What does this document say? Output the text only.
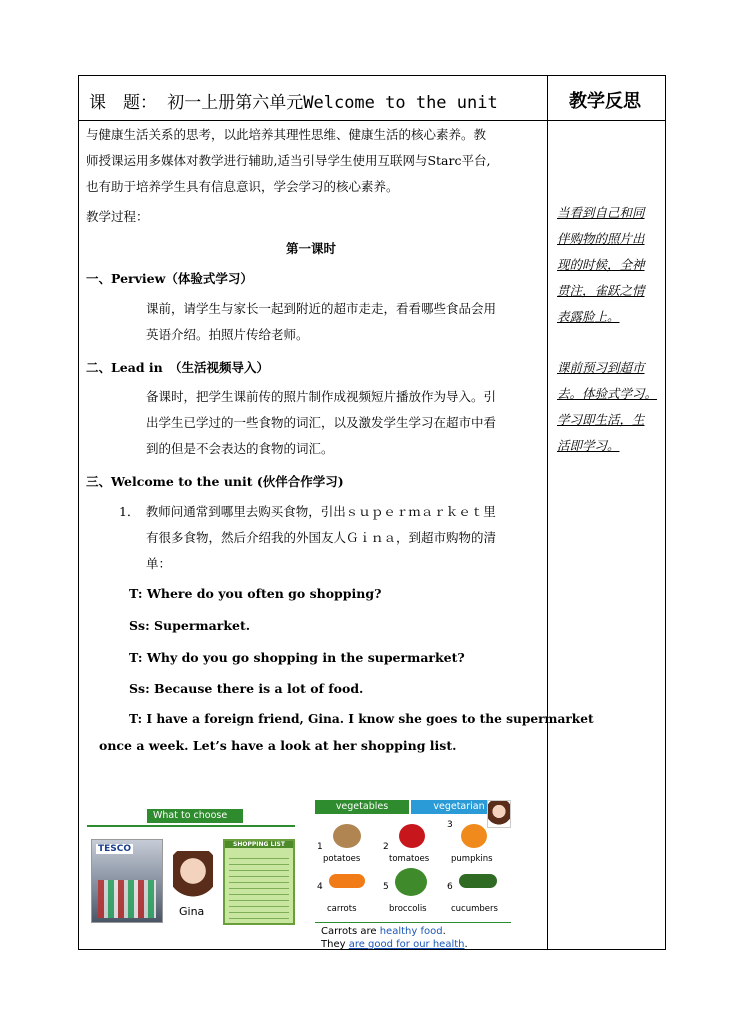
课　题： 初一上册第六单元Welcome to the unit	教学反思
与健康生活关系的思考，以此培养其理性思维、健康生活的核心素养。教
师授课运用多媒体对教学进行辅助,适当引导学生使用互联网与Starc平台,
也有助于培养学生具有信息意识，学会学习的核心素养。
教学过程：
第一课时
一、Perview（体验式学习）
课前，请学生与家长一起到附近的超市走走，看看哪些食品会用
英语介绍。拍照片传给老师。
二、Lead in　（生活视频导入）
备课时，把学生课前传的照片制作成视频短片播放作为导入。引
出学生已学过的一些食物的词汇，以及激发学生学习在超市中看
到的但是不会表达的食物的词汇。
三、Welcome to the unit (伙伴合作学习)
1．　教师问通常到哪里去购买食物，引出ｓｕｐｅｒｍａｒｋｅｔ里
有很多食物，然后介绍我的外国友人Ｇｉｎａ，到超市购物的清
单：
T: Where do you often go shopping?
Ss: Supermarket.
T: Why do you go shopping in the supermarket?
Ss: Because there is a lot of food.
T: I have a foreign friend, Gina. I know she goes to the supermarket
once a week. Let’s have a look at her shopping list.
当看到自己和同
伴购物的照片出
现的时候，全神
贯注，雀跃之情
表露脸上。
课前预习到超市
去。体验式学习。
学习即生活，生
活即学习。
What to choose
TESCO
Gina
SHOPPING LIST
vegetables	vegetarian
1
potatoes
2
tomatoes
3
pumpkins
4
carrots
5
broccolis
6
cucumbers
Carrots are healthy food.
They are good for our health.
